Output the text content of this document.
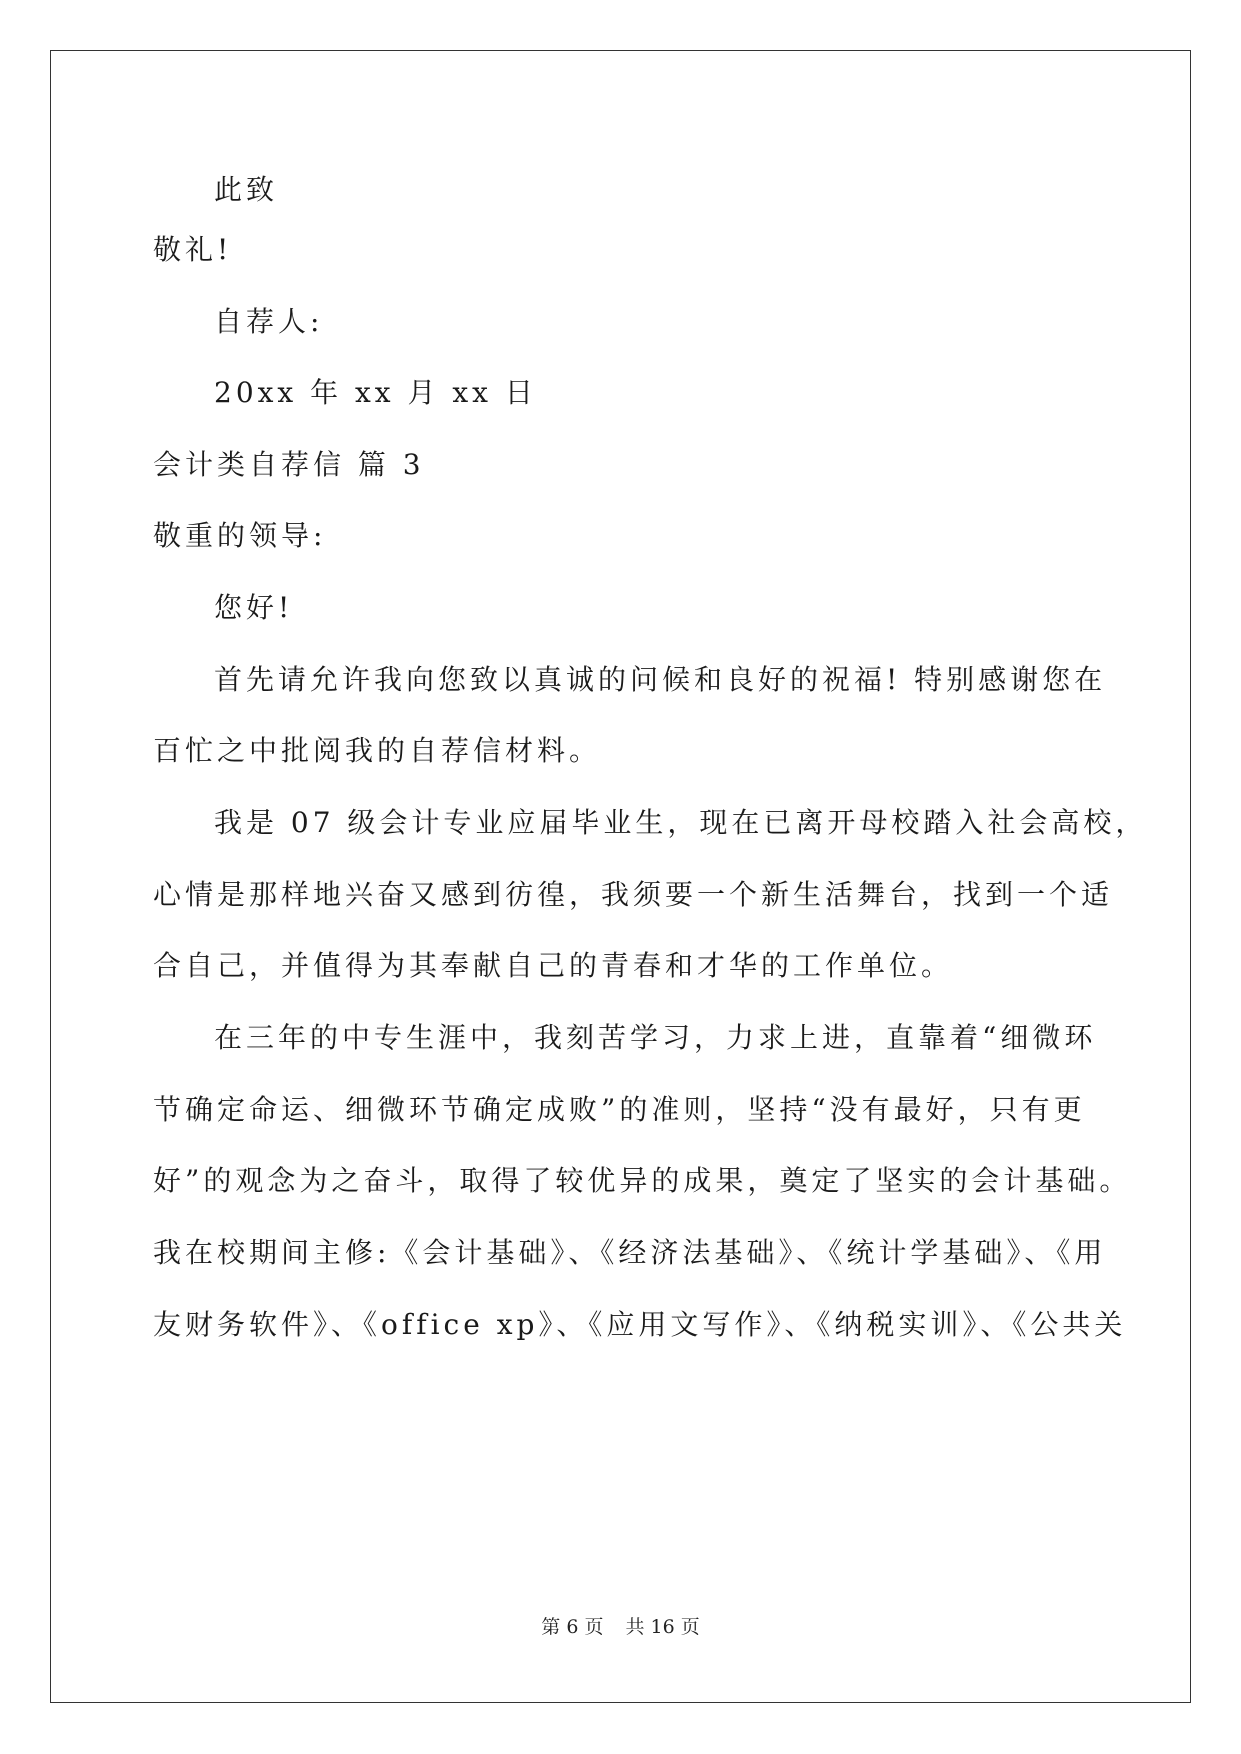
此致
敬礼!
自荐人:
20xx 年 xx 月 xx 日
会计类自荐信 篇 3
敬重的领导:
您好!
首先请允许我向您致以真诚的问候和良好的祝福! 特别感谢您在
百忙之中批阅我的自荐信材料。
我是 07 级会计专业应届毕业生，现在已离开母校踏入社会高校，
心情是那样地兴奋又感到彷徨，我须要一个新生活舞台，找到一个适
合自己，并值得为其奉献自己的青春和才华的工作单位。
在三年的中专生涯中，我刻苦学习，力求上进，直靠着“细微环
节确定命运、细微环节确定成败”的准则，坚持“没有最好，只有更
好”的观念为之奋斗，取得了较优异的成果，奠定了坚实的会计基础。
我在校期间主修:《会计基础》、《经济法基础》、《统计学基础》、《用
友财务软件》、《office xp》、《应用文写作》、《纳税实训》、《公共关
第 6 页 共 16 页
